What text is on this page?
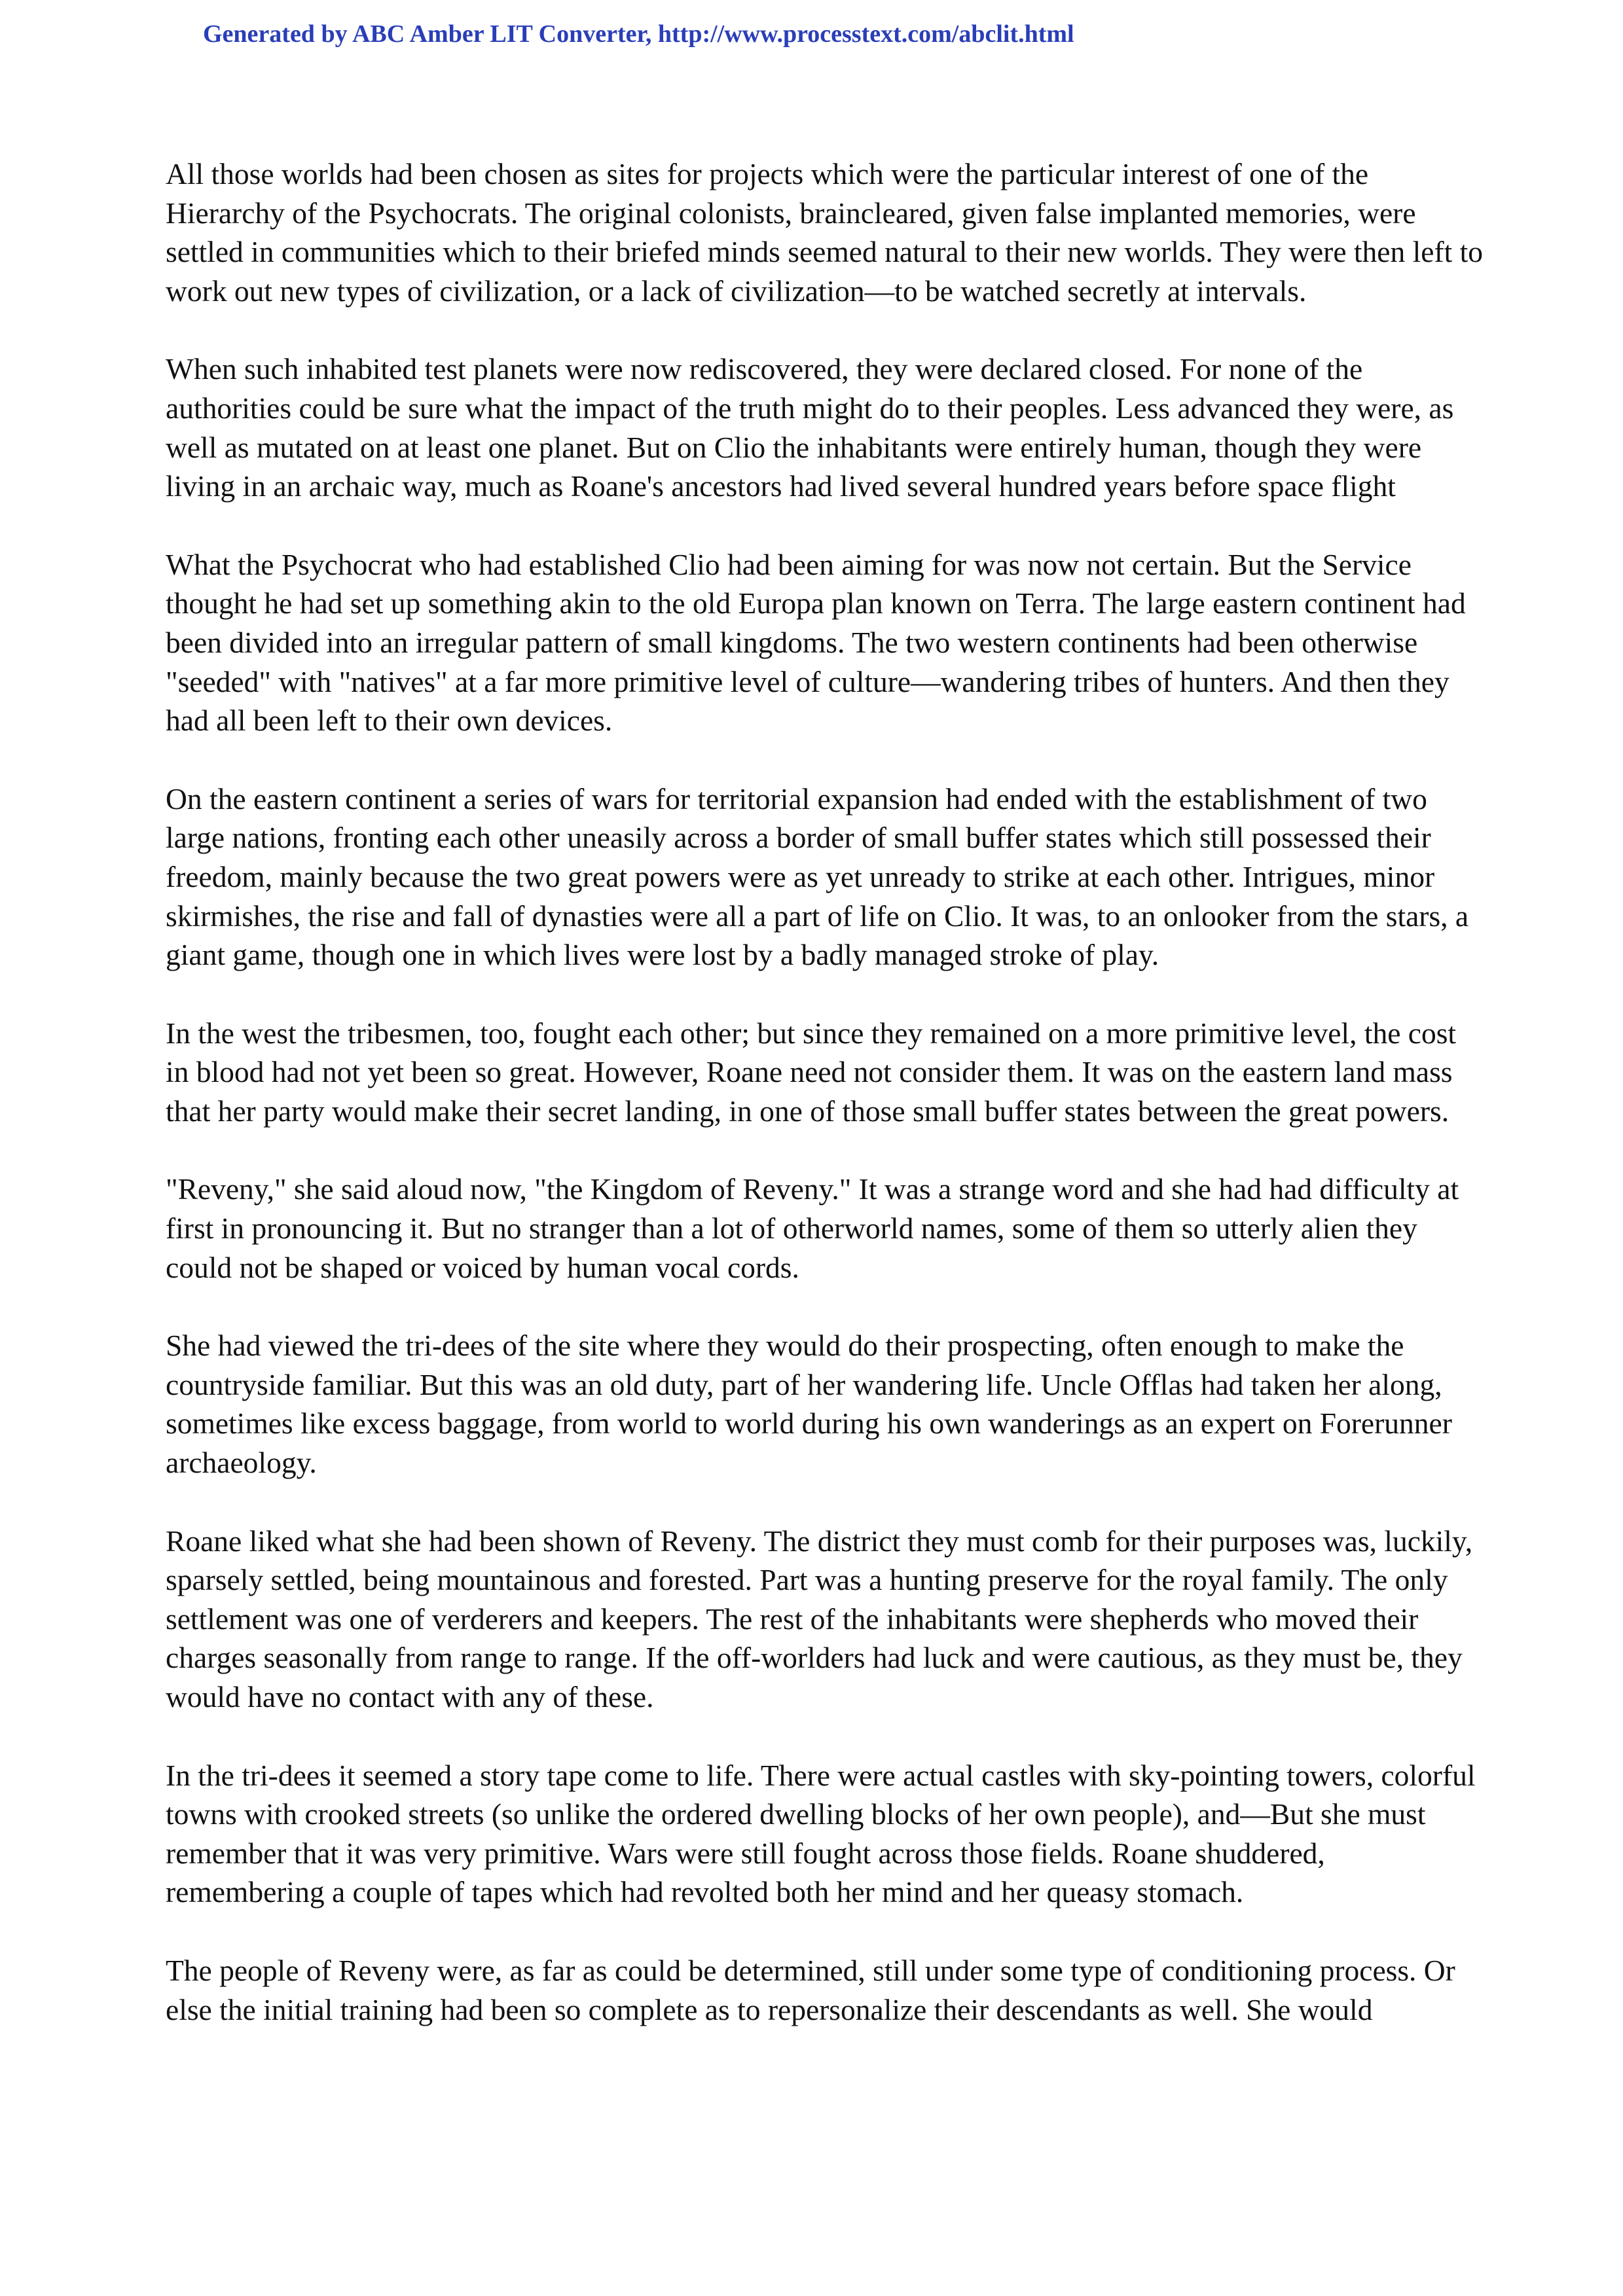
Generated by ABC Amber LIT Converter, http://www.processtext.com/abclit.html

All those worlds had been chosen as sites for projects which were the particular interest of one of the Hierarchy of the Psychocrats. The original colonists, braincleared, given false implanted memories, were settled in communities which to their briefed minds seemed natural to their new worlds. They were then left to work out new types of civilization, or a lack of civilization—to be watched secretly at intervals.

When such inhabited test planets were now rediscovered, they were declared closed. For none of the authorities could be sure what the impact of the truth might do to their peoples. Less advanced they were, as well as mutated on at least one planet. But on Clio the inhabitants were entirely human, though they were living in an archaic way, much as Roane's ancestors had lived several hundred years before space flight

What the Psychocrat who had established Clio had been aiming for was now not certain. But the Service thought he had set up something akin to the old Europa plan known on Terra. The large eastern continent had been divided into an irregular pattern of small kingdoms. The two western continents had been otherwise "seeded" with "natives" at a far more primitive level of culture—wandering tribes of hunters. And then they had all been left to their own devices.

On the eastern continent a series of wars for territorial expansion had ended with the establishment of two large nations, fronting each other uneasily across a border of small buffer states which still possessed their freedom, mainly because the two great powers were as yet unready to strike at each other. Intrigues, minor skirmishes, the rise and fall of dynasties were all a part of life on Clio. It was, to an onlooker from the stars, a giant game, though one in which lives were lost by a badly managed stroke of play.

In the west the tribesmen, too, fought each other; but since they remained on a more primitive level, the cost in blood had not yet been so great. However, Roane need not consider them. It was on the eastern land mass that her party would make their secret landing, in one of those small buffer states between the great powers.

"Reveny," she said aloud now, "the Kingdom of Reveny." It was a strange word and she had had difficulty at first in pronouncing it. But no stranger than a lot of otherworld names, some of them so utterly alien they could not be shaped or voiced by human vocal cords.

She had viewed the tri-dees of the site where they would do their prospecting, often enough to make the countryside familiar. But this was an old duty, part of her wandering life. Uncle Offlas had taken her along, sometimes like excess baggage, from world to world during his own wanderings as an expert on Forerunner archaeology.

Roane liked what she had been shown of Reveny. The district they must comb for their purposes was, luckily, sparsely settled, being mountainous and forested. Part was a hunting preserve for the royal family. The only settlement was one of verderers and keepers. The rest of the inhabitants were shepherds who moved their charges seasonally from range to range. If the off-worlders had luck and were cautious, as they must be, they would have no contact with any of these.

In the tri-dees it seemed a story tape come to life. There were actual castles with sky-pointing towers, colorful towns with crooked streets (so unlike the ordered dwelling blocks of her own people), and—But she must remember that it was very primitive. Wars were still fought across those fields. Roane shuddered, remembering a couple of tapes which had revolted both her mind and her queasy stomach.

The people of Reveny were, as far as could be determined, still under some type of conditioning process. Or else the initial training had been so complete as to repersonalize their descendants as well. She would
